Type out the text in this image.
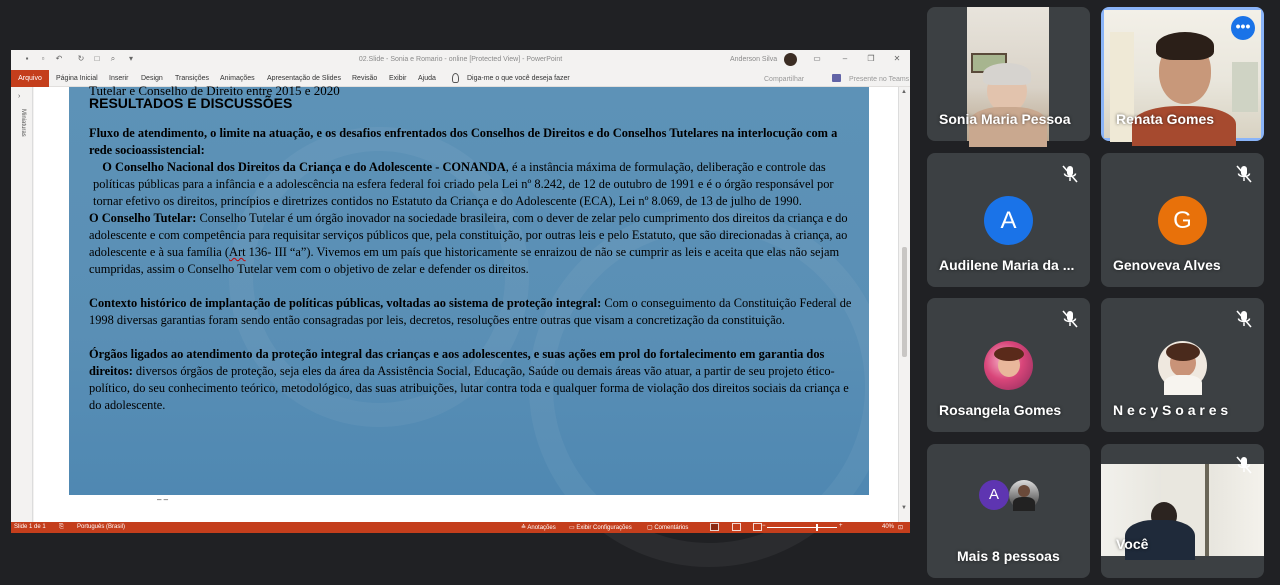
▪	▫	↶ ↻ □ ⌕ ▾	02.Slide - Sonia e Romario - online [Protected View] - PowerPoint	Anderson Silva	▭	–	❐ ✕
Arquivo	Página Inicial Inserir Design Transições Animações Apresentação de Slides Revisão Exibir Ajuda	Diga-me o que você deseja fazer	Compartilhar	Presente no Teams
›
Miniaturas
Tutelar e Conselho de Direito entre 2015 e 2020
RESULTADOS E DISCUSSÕES

Fluxo de atendimento, o limite na atuação, e os desafios enfrentados dos Conselhos de Direitos e do Conselhos Tutelares na interlocução com a rede socioassistencial:

O Conselho Nacional dos Direitos da Criança e do Adolescente - CONANDA, é a instância máxima de formulação, deliberação e controle das políticas públicas para a infância e a adolescência na esfera federal foi criado pela Lei nº 8.242, de 12 de outubro de 1991 e é o órgão responsável por tornar efetivo os direitos, princípios e diretrizes contidos no Estatuto da Criança e do Adolescente (ECA), Lei nº 8.069, de 13 de julho de 1990.

O Conselho Tutelar: Conselho Tutelar é um órgão inovador na sociedade brasileira, com o dever de zelar pelo cumprimento dos direitos da criança e do adolescente e com competência para requisitar serviços públicos que, pela constituição, por outras leis e pelo Estatuto, que são direcionadas à criança, ao adolescente e à sua família (Art 136- III “a”). Vivemos em um país que historicamente se enraizou de não se cumprir as leis e aceita que elas não sejam cumpridas, assim o Conselho Tutelar vem com o objetivo de zelar e defender os direitos.

Contexto histórico de implantação de políticas públicas, voltadas ao sistema de proteção integral: Com o conseguimento da Constituição Federal de 1998 diversas garantias foram sendo então consagradas por leis, decretos, resoluções entre outras que visam a concretização da constituição.

Órgãos ligados ao atendimento da proteção integral das crianças e aos adolescentes, e suas ações em prol do fortalecimento em garantia dos direitos: diversos órgãos de proteção, seja eles da área da Assistência Social, Educação, Saúde ou demais áreas vão atuar, a partir de seu projeto ético-político, do seu conhecimento teórico, metodológico, das suas atribuições, lutar contra toda e qualquer forma de violação dos direitos sociais da criança e do adolescente.

‒ ‒
▲
▼
Slide 1 de 1 ⎘ Português (Brasil)	≙ Anotações ▭ Exibir Configurações	▢ Comentários	−	+	40% ⊡
Sonia Maria Pessoa
•••
Renata Gomes
A
Audilene Maria da ...
G
Genoveva Alves
Rosangela Gomes	N e c y S o a r e s
A
Mais 8 pessoas
Você
